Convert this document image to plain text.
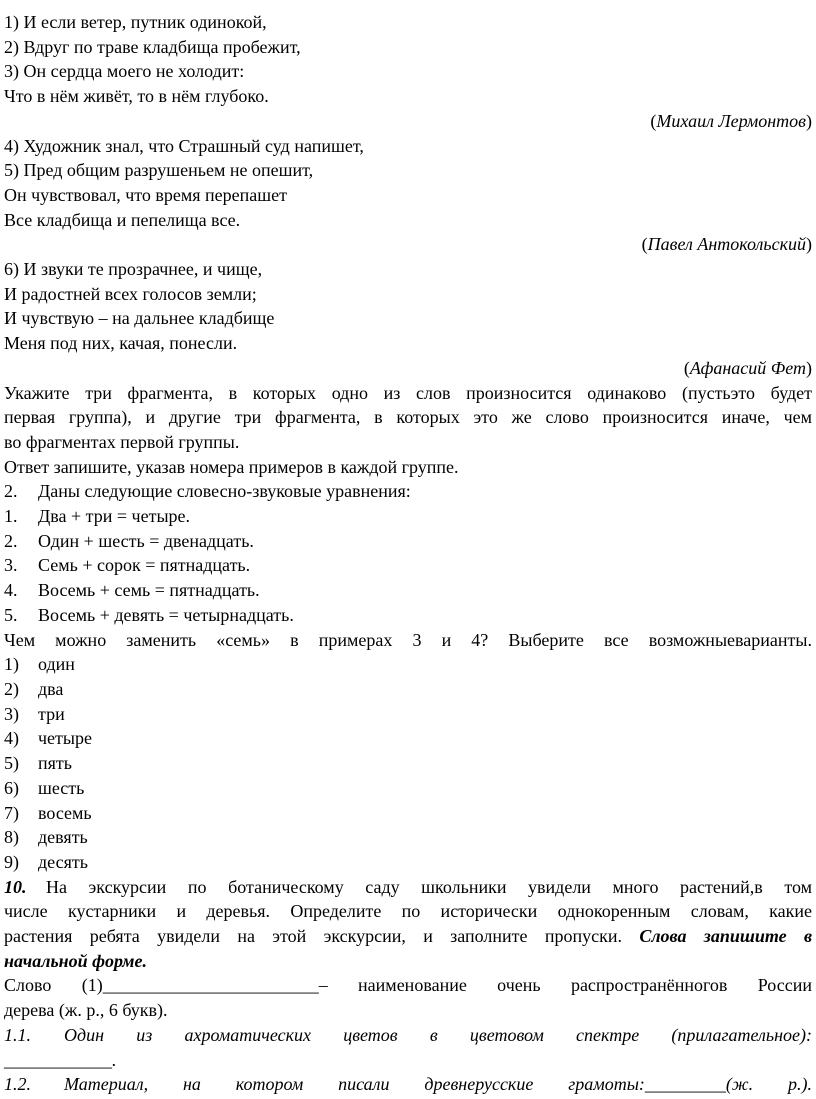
1) И если ветер, путник одинокой,
2) Вдруг по траве кладбища пробежит,
3) Он сердца моего не холодит:
Что в нём живёт, то в нём глубоко.
(Михаил Лермонтов)
4) Художник знал, что Страшный суд напишет,
5) Пред общим разрушеньем не опешит,
Он чувствовал, что время перепашет
Все кладбища и пепелища все.
(Павел Антокольский)
6) И звуки те прозрачнее, и чище,
И радостней всех голосов земли;
И чувствую – на дальнее кладбище
Меня под них, качая, понесли.
(Афанасий Фет)
Укажите три фрагмента, в которых одно из слов произносится одинаково (пустьэто будет
первая группа), и другие три фрагмента, в которых это же слово произносится иначе, чем
во фрагментах первой группы.
Ответ запишите, указав номера примеров в каждой группе.
2. Даны следующие словесно-звуковые уравнения:
1. Два + три = четыре.
2. Один + шесть = двенадцать.
3. Семь + сорок = пятнадцать.
4. Восемь + семь = пятнадцать.
5. Восемь + девять = четырнадцать.
Чем можно заменить «семь» в примерах 3 и 4? Выберите все возможныеварианты.
1) один
2) два
3) три
4) четыре
5) пять
6) шесть
7) восемь
8) девять
9) десять
10. На экскурсии по ботаническому саду школьники увидели много растений,в том
числе кустарники и деревья. Определите по исторически однокоренным словам, какие
растения ребята увидели на этой экскурсии, и заполните пропуски. Слова запишите в
начальной форме.
Слово (1)________________________– наименование очень распространённогов России
дерева (ж. р., 6 букв).
1.1. Один из ахроматических цветов в цветовом спектре (прилагательное):
____________.
1.2. Материал, на котором писали древнерусские грамоты:_________(ж. р.).
